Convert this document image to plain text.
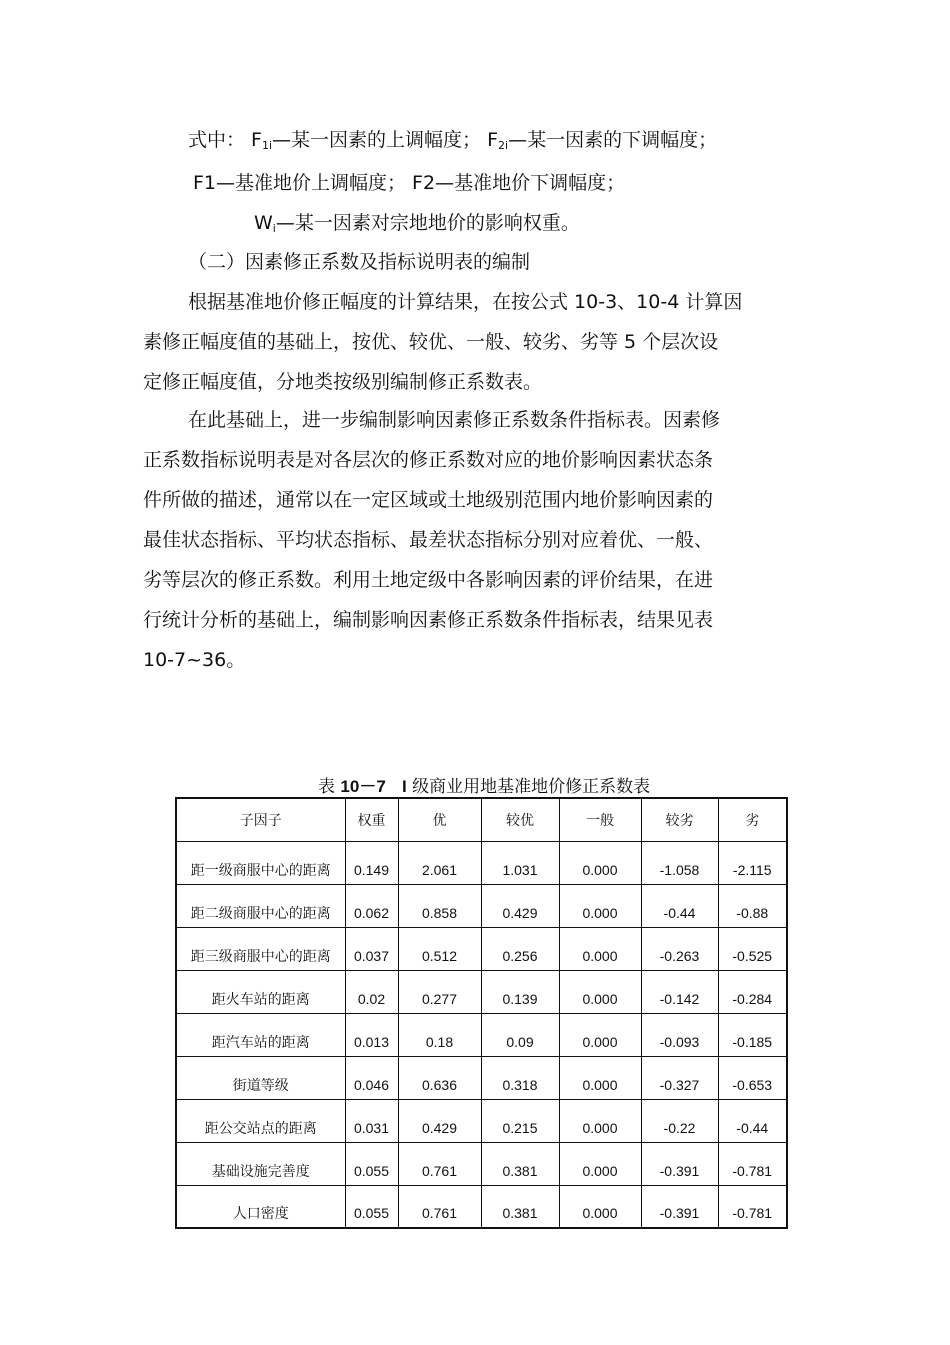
式中： $F_{1i}—$某一因素的上调幅度； $F_{2i}—$某一因素的下调幅度；
F1—基准地价上调幅度； F2—基准地价下调幅度；
$W_i—$某一因素对宗地地价的影响权重。
（二）因素修正系数及指标说明表的编制
根据基准地价修正幅度的计算结果，在按公式 10-3、10-4 计算因
素修正幅度值的基础上，按优、较优、一般、较劣、劣等 5 个层次设
定修正幅度值，分地类按级别编制修正系数表。
在此基础上，进一步编制影响因素修正系数条件指标表。因素修
正系数指标说明表是对各层次的修正系数对应的地价影响因素状态条
件所做的描述，通常以在一定区域或土地级别范围内地价影响因素的
最佳状态指标、平均状态指标、最差状态指标分别对应着优、一般、
劣等层次的修正系数。利用土地定级中各影响因素的评价结果，在进
行统计分析的基础上，编制影响因素修正系数条件指标表，结果见表
10-7~36。
表 10－7 I 级商业用地基准地价修正系数表
子因子	权重	优	较优	一般	较劣	劣
距一级商服中心的距离	0.149	2.061	1.031	0.000	-1.058	-2.115
距二级商服中心的距离	0.062	0.858	0.429	0.000	-0.44	-0.88
距三级商服中心的距离	0.037	0.512	0.256	0.000	-0.263	-0.525
距火车站的距离	0.02	0.277	0.139	0.000	-0.142	-0.284
距汽车站的距离	0.013	0.18	0.09	0.000	-0.093	-0.185
街道等级	0.046	0.636	0.318	0.000	-0.327	-0.653
距公交站点的距离	0.031	0.429	0.215	0.000	-0.22	-0.44
基础设施完善度	0.055	0.761	0.381	0.000	-0.391	-0.781
人口密度	0.055	0.761	0.381	0.000	-0.391	-0.781
